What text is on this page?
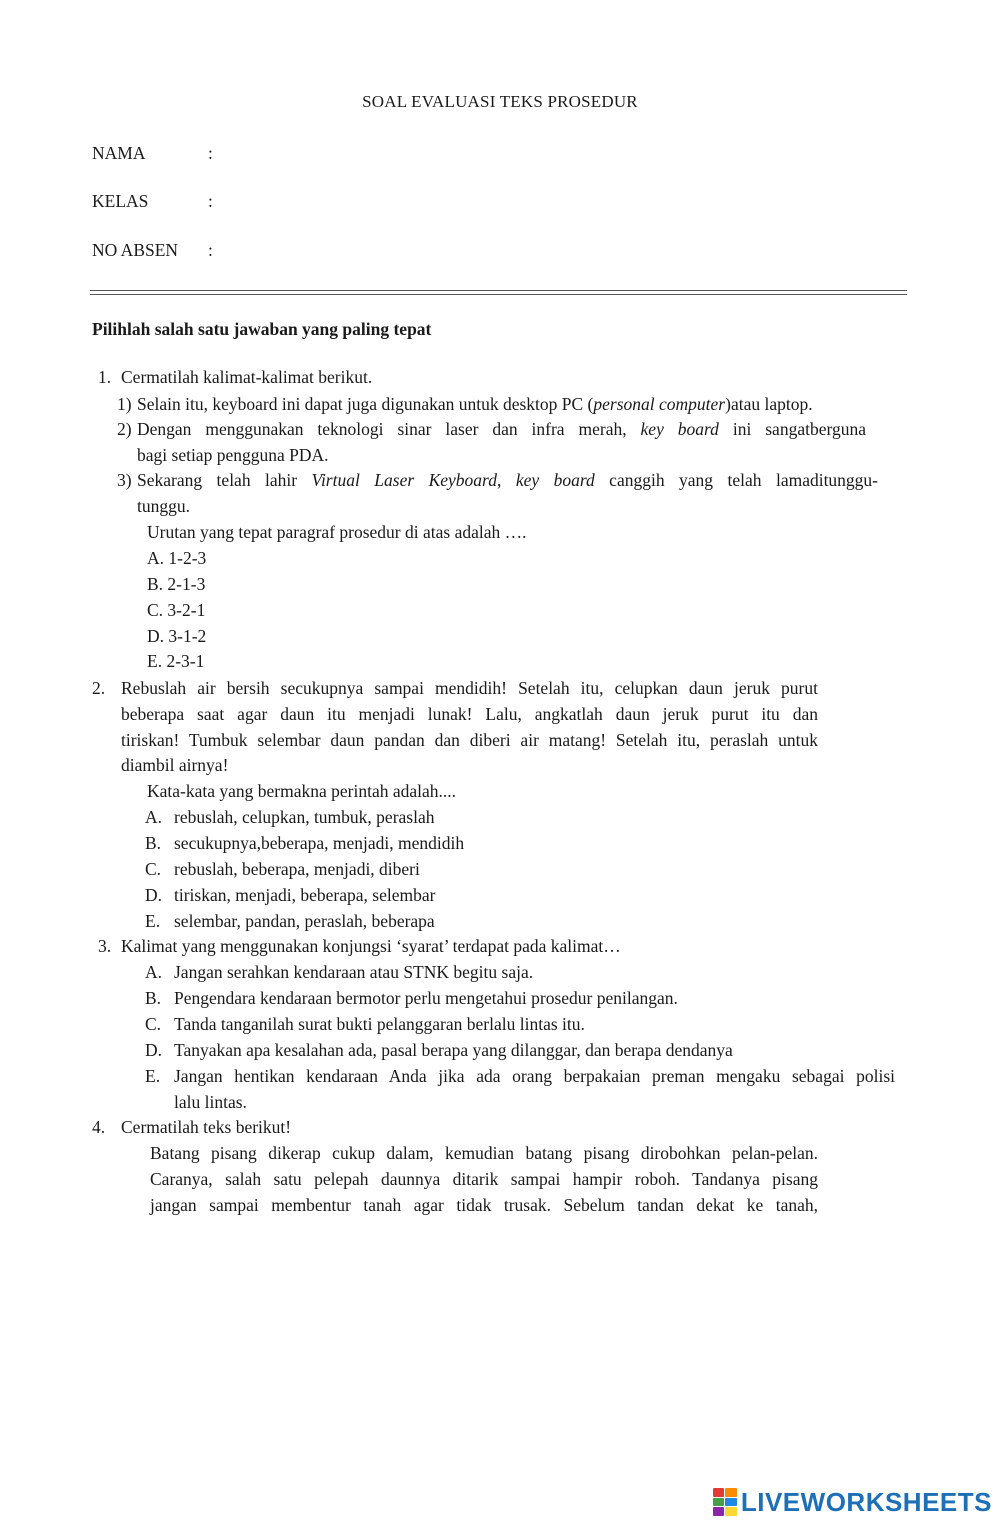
SOAL EVALUASI TEKS PROSEDUR
NAMA	:
KELAS	:
NO ABSEN :
Pilihlah salah satu jawaban yang paling tepat
1. Cermatilah kalimat-kalimat berikut.
1) Selain itu, keyboard ini dapat juga digunakan untuk desktop PC (personal computer)atau laptop.
2) Dengan menggunakan teknologi sinar laser dan infra merah, key board ini sangatberguna
bagi setiap pengguna PDA.
3) Sekarang telah lahir Virtual Laser Keyboard, key board canggih yang telah lamaditunggu-
tunggu.
Urutan yang tepat paragraf prosedur di atas adalah ….
A. 1-2-3
B. 2-1-3
C. 3-2-1
D. 3-1-2
E. 2-3-1
2. Rebuslah air bersih secukupnya sampai mendidih! Setelah itu, celupkan daun jeruk purut
beberapa saat agar daun itu menjadi lunak! Lalu, angkatlah daun jeruk purut itu dan
tiriskan! Tumbuk selembar daun pandan dan diberi air matang! Setelah itu, peraslah untuk
diambil airnya!
Kata-kata yang bermakna perintah adalah....
A. rebuslah, celupkan, tumbuk, peraslah
B. secukupnya,beberapa, menjadi, mendidih
C. rebuslah, beberapa, menjadi, diberi
D. tiriskan, menjadi, beberapa, selembar
E. selembar, pandan, peraslah, beberapa
3. Kalimat yang menggunakan konjungsi ‘syarat’ terdapat pada kalimat…
A. Jangan serahkan kendaraan atau STNK begitu saja.
B. Pengendara kendaraan bermotor perlu mengetahui prosedur penilangan.
C. Tanda tanganilah surat bukti pelanggaran berlalu lintas itu.
D. Tanyakan apa kesalahan ada, pasal berapa yang dilanggar, dan berapa dendanya
E. Jangan hentikan kendaraan Anda jika ada orang berpakaian preman mengaku sebagai polisi
lalu lintas.
4. Cermatilah teks berikut!
Batang pisang dikerap cukup dalam, kemudian batang pisang dirobohkan pelan-pelan.
Caranya, salah satu pelepah daunnya ditarik sampai hampir roboh. Tandanya pisang
jangan sampai membentur tanah agar tidak trusak. Sebelum tandan dekat ke tanah,
LIVEWORKSHEETS
